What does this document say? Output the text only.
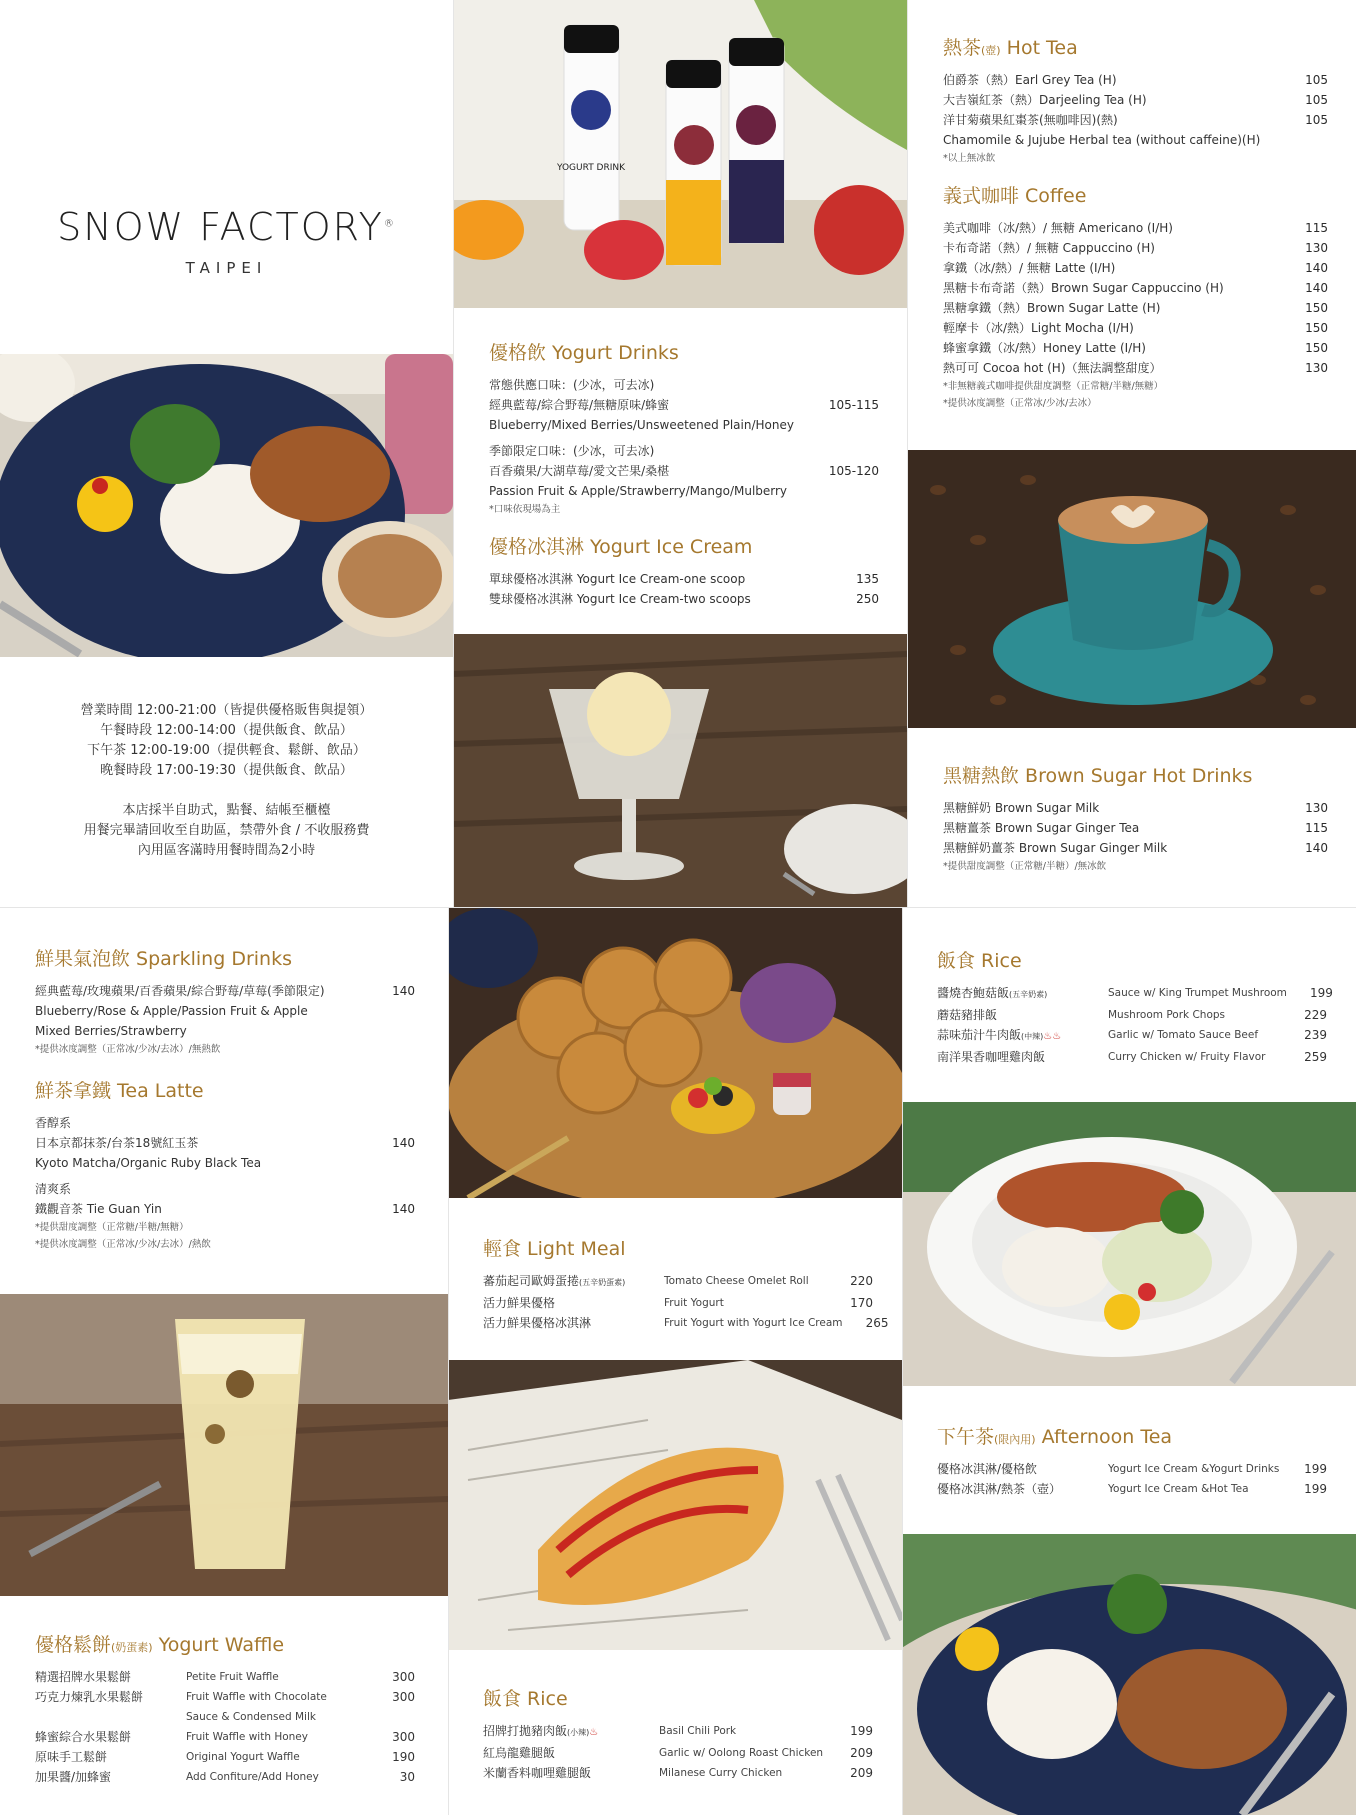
SNOW FACTORY®
TAIPEI
營業時間 12:00-21:00（皆提供優格販售與提領）
午餐時段 12:00-14:00（提供飯食、飲品）
下午茶 12:00-19:00（提供輕食、鬆餅、飲品）
晚餐時段 17:00-19:30（提供飯食、飲品）
本店採半自助式，點餐、結帳至櫃檯
用餐完畢請回收至自助區，禁帶外食 / 不收服務費
內用區客滿時用餐時間為2小時
YOGURT DRINK
優格飲 Yogurt Drinks
常態供應口味：(少冰，可去冰)
經典藍莓/綜合野莓/無糖原味/蜂蜜	105-115
Blueberry/Mixed Berries/Unsweetened Plain/Honey
季節限定口味：(少冰，可去冰)
百香蘋果/大湖草莓/愛文芒果/桑椹	105-120
Passion Fruit & Apple/Strawberry/Mango/Mulberry
*口味依現場為主
優格冰淇淋 Yogurt Ice Cream
單球優格冰淇淋 Yogurt Ice Cream-one scoop	135
雙球優格冰淇淋 Yogurt Ice Cream-two scoops	250
熱茶(壺) Hot Tea
伯爵茶（熱）Earl Grey Tea (H)	105
大吉嶺紅茶（熱）Darjeeling Tea (H)	105
洋甘菊蘋果紅棗茶(無咖啡因)(熱)	105
Chamomile & Jujube Herbal tea (without caffeine)(H)
*以上無冰飲
義式咖啡 Coffee
美式咖啡（冰/熱）/ 無糖 Americano (I/H)	115
卡布奇諾（熱）/ 無糖 Cappuccino (H)	130
拿鐵（冰/熱）/ 無糖 Latte (I/H)	140
黑糖卡布奇諾（熱）Brown Sugar Cappuccino (H)	140
黑糖拿鐵（熱）Brown Sugar Latte (H)	150
輕摩卡（冰/熱）Light Mocha (I/H)	150
蜂蜜拿鐵（冰/熱）Honey Latte (I/H)	150
熱可可 Cocoa hot (H)（無法調整甜度）	130
*非無糖義式咖啡提供甜度調整（正常糖/半糖/無糖）
*提供冰度調整（正常冰/少冰/去冰）
黑糖熱飲 Brown Sugar Hot Drinks
黑糖鮮奶 Brown Sugar Milk	130
黑糖薑茶 Brown Sugar Ginger Tea	115
黑糖鮮奶薑茶 Brown Sugar Ginger Milk	140
*提供甜度調整（正常糖/半糖）/無冰飲
鮮果氣泡飲 Sparkling Drinks
經典藍莓/玫瑰蘋果/百香蘋果/綜合野莓/草莓(季節限定)	140
Blueberry/Rose & Apple/Passion Fruit & Apple
Mixed Berries/Strawberry
*提供冰度調整（正常冰/少冰/去冰）/無熱飲
鮮茶拿鐵 Tea Latte
香醇系
日本京都抹茶/台茶18號紅玉茶	140
Kyoto Matcha/Organic Ruby Black Tea
清爽系
鐵觀音茶 Tie Guan Yin	140
*提供甜度調整（正常糖/半糖/無糖）
*提供冰度調整（正常冰/少冰/去冰）/熱飲
優格鬆餅(奶蛋素) Yogurt Waffle
精選招牌水果鬆餅	Petite Fruit Waffle	300
巧克力煉乳水果鬆餅	Fruit Waffle with Chocolate	300
Sauce & Condensed Milk
蜂蜜綜合水果鬆餅	Fruit Waffle with Honey	300
原味手工鬆餅	Original Yogurt Waffle	190
加果醬/加蜂蜜	Add Confiture/Add Honey	30
輕食 Light Meal
蕃茄起司歐姆蛋捲(五辛奶蛋素)	Tomato Cheese Omelet Roll	220
活力鮮果優格	Fruit Yogurt	170
活力鮮果優格冰淇淋	Fruit Yogurt with Yogurt Ice Cream	265
飯食 Rice
招牌打拋豬肉飯(小辣)♨	Basil Chili Pork	199
紅烏龍雞腿飯	Garlic w/ Oolong Roast Chicken	209
米蘭香料咖哩雞腿飯	Milanese Curry Chicken	209
飯食 Rice
醬燒杏鮑菇飯(五辛奶素)	Sauce w/ King Trumpet Mushroom	199
蘑菇豬排飯	Mushroom Pork Chops	229
蒜味茄汁牛肉飯(中辣)♨♨	Garlic w/ Tomato Sauce Beef	239
南洋果香咖哩雞肉飯	Curry Chicken w/ Fruity Flavor	259
下午茶(限內用) Afternoon Tea
優格冰淇淋/優格飲	Yogurt Ice Cream &Yogurt Drinks	199
優格冰淇淋/熱茶（壺）	Yogurt Ice Cream &Hot Tea	199
